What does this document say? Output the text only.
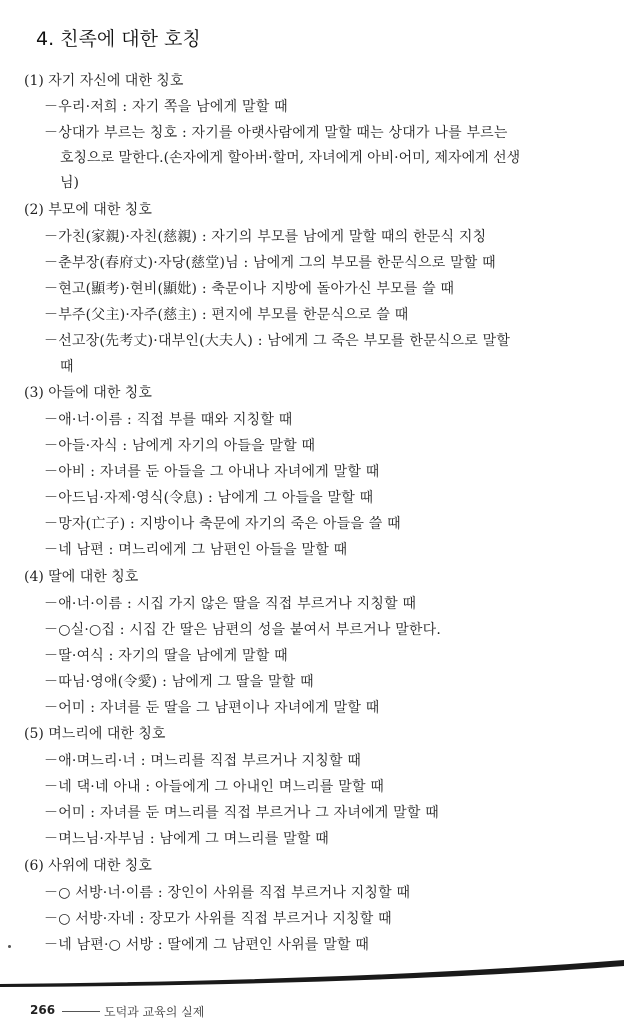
4. 친족에 대한 호칭
(1) 자기 자신에 대한 칭호
－우리·저희 : 자기 쪽을 남에게 말할 때
－상대가 부르는 칭호 : 자기를 아랫사람에게 말할 때는 상대가 나를 부르는
호칭으로 말한다.(손자에게 할아버·할머, 자녀에게 아비·어미, 제자에게 선생
님)
(2) 부모에 대한 칭호
－가친(家親)·자친(慈親) : 자기의 부모를 남에게 말할 때의 한문식 지칭
－춘부장(春府丈)·자당(慈堂)님 : 남에게 그의 부모를 한문식으로 말할 때
－현고(顯考)·현비(顯妣) : 축문이나 지방에 돌아가신 부모를 쓸 때
－부주(父主)·자주(慈主) : 편지에 부모를 한문식으로 쓸 때
－선고장(先考丈)·대부인(大夫人) : 남에게 그 죽은 부모를 한문식으로 말할
때
(3) 아들에 대한 칭호
－애·너·이름 : 직접 부를 때와 지칭할 때
－아들·자식 : 남에게 자기의 아들을 말할 때
－아비 : 자녀를 둔 아들을 그 아내나 자녀에게 말할 때
－아드님·자제·영식(令息) : 남에게 그 아들을 말할 때
－망자(亡子) : 지방이나 축문에 자기의 죽은 아들을 쓸 때
－네 남편 : 며느리에게 그 남편인 아들을 말할 때
(4) 딸에 대한 칭호
－애·너·이름 : 시집 가지 않은 딸을 직접 부르거나 지칭할 때
－○실·○집 : 시집 간 딸은 남편의 성을 붙여서 부르거나 말한다.
－딸·여식 : 자기의 딸을 남에게 말할 때
－따님·영애(令愛) : 남에게 그 딸을 말할 때
－어미 : 자녀를 둔 딸을 그 남편이나 자녀에게 말할 때
(5) 며느리에 대한 칭호
－애·며느리·너 : 며느리를 직접 부르거나 지칭할 때
－네 댁·네 아내 : 아들에게 그 아내인 며느리를 말할 때
－어미 : 자녀를 둔 며느리를 직접 부르거나 그 자녀에게 말할 때
－며느님·자부님 : 남에게 그 며느리를 말할 때
(6) 사위에 대한 칭호
－○ 서방·너·이름 : 장인이 사위를 직접 부르거나 지칭할 때
－○ 서방·자네 : 장모가 사위를 직접 부르거나 지칭할 때
－네 남편·○ 서방 : 딸에게 그 남편인 사위를 말할 때
266	도덕과 교육의 실제
